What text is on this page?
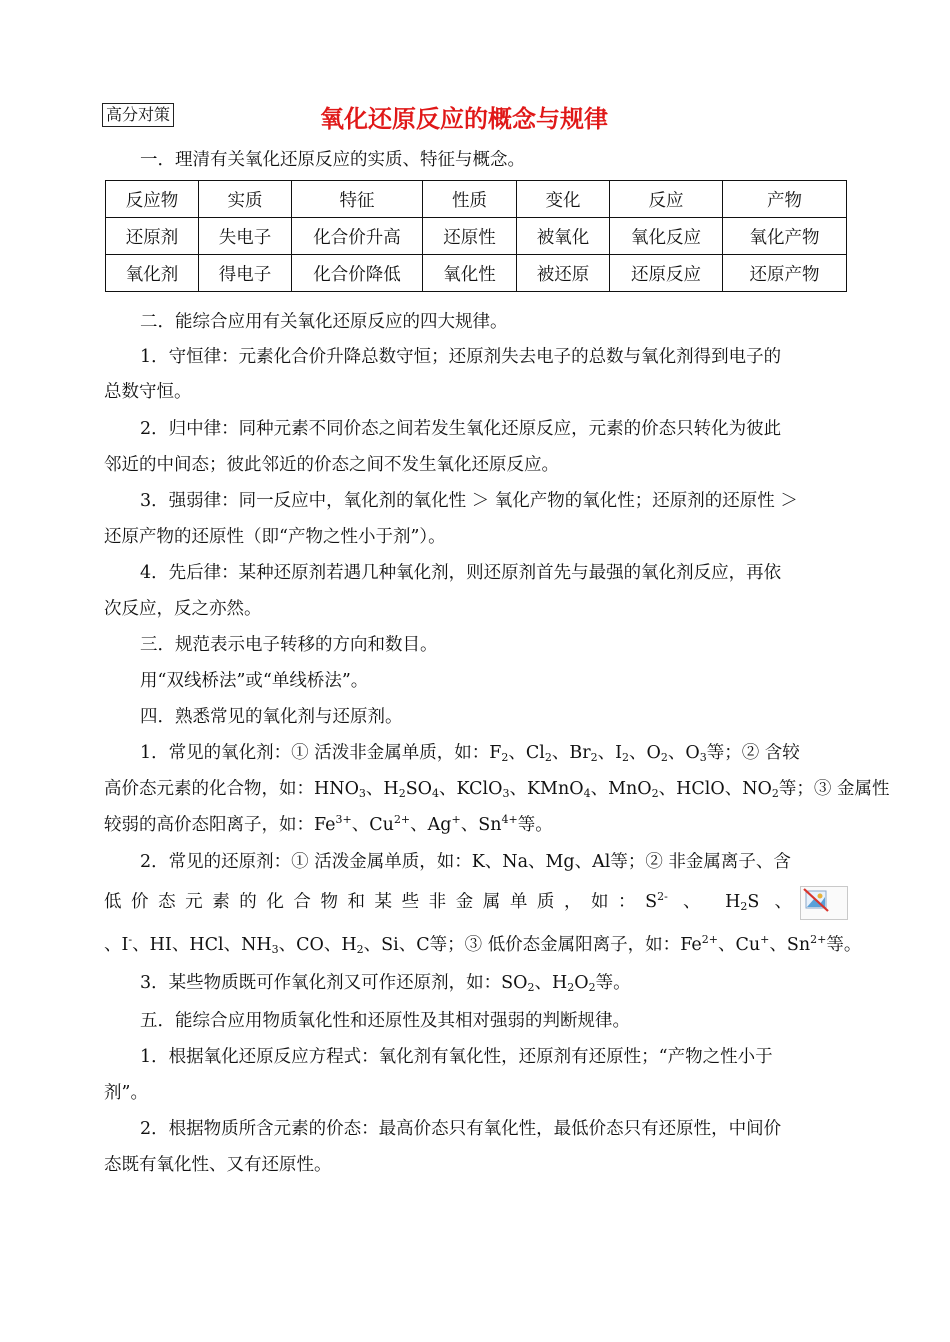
高分对策	氧化还原反应的概念与规律
一．理清有关氧化还原反应的实质、特征与概念。
反应物	实质	特征	性质	变化	反应	产物
还原剂	失电子	化合价升高	还原性	被氧化	氧化反应	氧化产物
氧化剂	得电子	化合价降低	氧化性	被还原	还原反应	还原产物
二．能综合应用有关氧化还原反应的四大规律。
1．守恒律：元素化合价升降总数守恒；还原剂失去电子的总数与氧化剂得到电子的
总数守恒。
2．归中律：同种元素不同价态之间若发生氧化还原反应，元素的价态只转化为彼此
邻近的中间态；彼此邻近的价态之间不发生氧化还原反应。
3．强弱律：同一反应中，氧化剂的氧化性 ＞ 氧化产物的氧化性；还原剂的还原性 ＞
还原产物的还原性（即“产物之性小于剂”）。
4．先后律：某种还原剂若遇几种氧化剂，则还原剂首先与最强的氧化剂反应，再依
次反应，反之亦然。
三．规范表示电子转移的方向和数目。
用“双线桥法”或“单线桥法”。
四．熟悉常见的氧化剂与还原剂。
1．常见的氧化剂：① 活泼非金属单质，如：$F_2$、$Cl_2$、$Br_2$、$I_2$、$O_2$、$O_3$等；② 含较
高价态元素的化合物，如：$HNO_3$、$H_2SO_4$、KClO$_3$、KMnO$_4$、MnO$_2$、HClO、$NO_2$等；③ 金属性
较弱的高价态阳离子，如：$Fe^{3+}$、$Cu^{2+}$、Ag+、$Sn^{4+}$等。
2．常见的还原剂：① 活泼金属单质，如：K、Na、Mg、Al等；② 非金属离子、含
低价态元素的化合物和某些非金属单质，如：$S^{2-}$ 、 $H_2S$ 、
、I-、HI、HCl、$NH_3$、CO、$H_2$、Si、C等；③ 低价态金属阳离子，如：$Fe^{2+}$、Cu+、$Sn^{2+}$等。
3．某些物质既可作氧化剂又可作还原剂，如：$SO_2$、$H_2O_2$等。
五．能综合应用物质氧化性和还原性及其相对强弱的判断规律。
1．根据氧化还原反应方程式：氧化剂有氧化性，还原剂有还原性；“产物之性小于
剂”。
2．根据物质所含元素的价态：最高价态只有氧化性，最低价态只有还原性，中间价
态既有氧化性、又有还原性。
